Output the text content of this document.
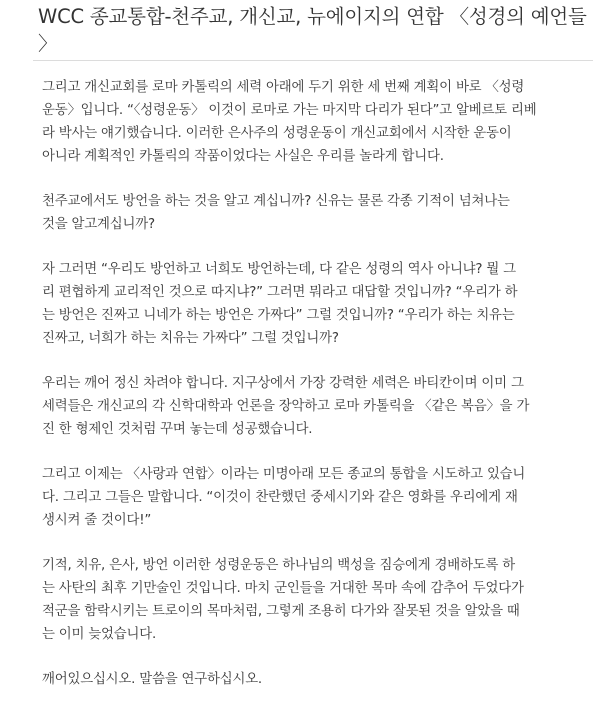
WCC 종교통합-천주교, 개신교, 뉴에이지의 연합 〈성경의 예언들
〉

그리고 개신교회를 로마 카톨릭의 세력 아래에 두기 위한 세 번째 계획이 바로 〈성령
운동〉입니다. “〈성령운동〉 이것이 로마로 가는 마지막 다리가 된다”고 알베르토 리베
라 박사는 얘기했습니다. 이러한 은사주의 성령운동이 개신교회에서 시작한 운동이
아니라 계획적인 카톨릭의 작품이었다는 사실은 우리를 놀라게 합니다.

천주교에서도 방언을 하는 것을 알고 계십니까? 신유는 물론 각종 기적이 넘쳐나는
것을 알고계십니까?

자 그러면 “우리도 방언하고 너희도 방언하는데, 다 같은 성령의 역사 아니냐? 뭘 그
리 편협하게 교리적인 것으로 따지냐?” 그러면 뭐라고 대답할 것입니까? “우리가 하
는 방언은 진짜고 니네가 하는 방언은 가짜다” 그럴 것입니까? “우리가 하는 치유는
진짜고, 너희가 하는 치유는 가짜다” 그럴 것입니까?

우리는 깨어 정신 차려야 합니다. 지구상에서 가장 강력한 세력은 바티칸이며 이미 그
세력들은 개신교의 각 신학대학과 언론을 장악하고 로마 카톨릭을 〈같은 복음〉을 가
진 한 형제인 것처럼 꾸며 놓는데 성공했습니다.

그리고 이제는 〈사랑과 연합〉이라는 미명아래 모든 종교의 통합을 시도하고 있습니
다. 그리고 그들은 말합니다. “이것이 찬란했던 중세시기와 같은 영화를 우리에게 재
생시켜 줄 것이다!”

기적, 치유, 은사, 방언 이러한 성령운동은 하나님의 백성을 짐승에게 경배하도록 하
는 사탄의 최후 기만술인 것입니다. 마치 군인들을 거대한 목마 속에 감추어 두었다가
적군을 함락시키는 트로이의 목마처럼, 그렇게 조용히 다가와 잘못된 것을 알았을 때
는 이미 늦었습니다.

깨어있으십시오. 말씀을 연구하십시오.
